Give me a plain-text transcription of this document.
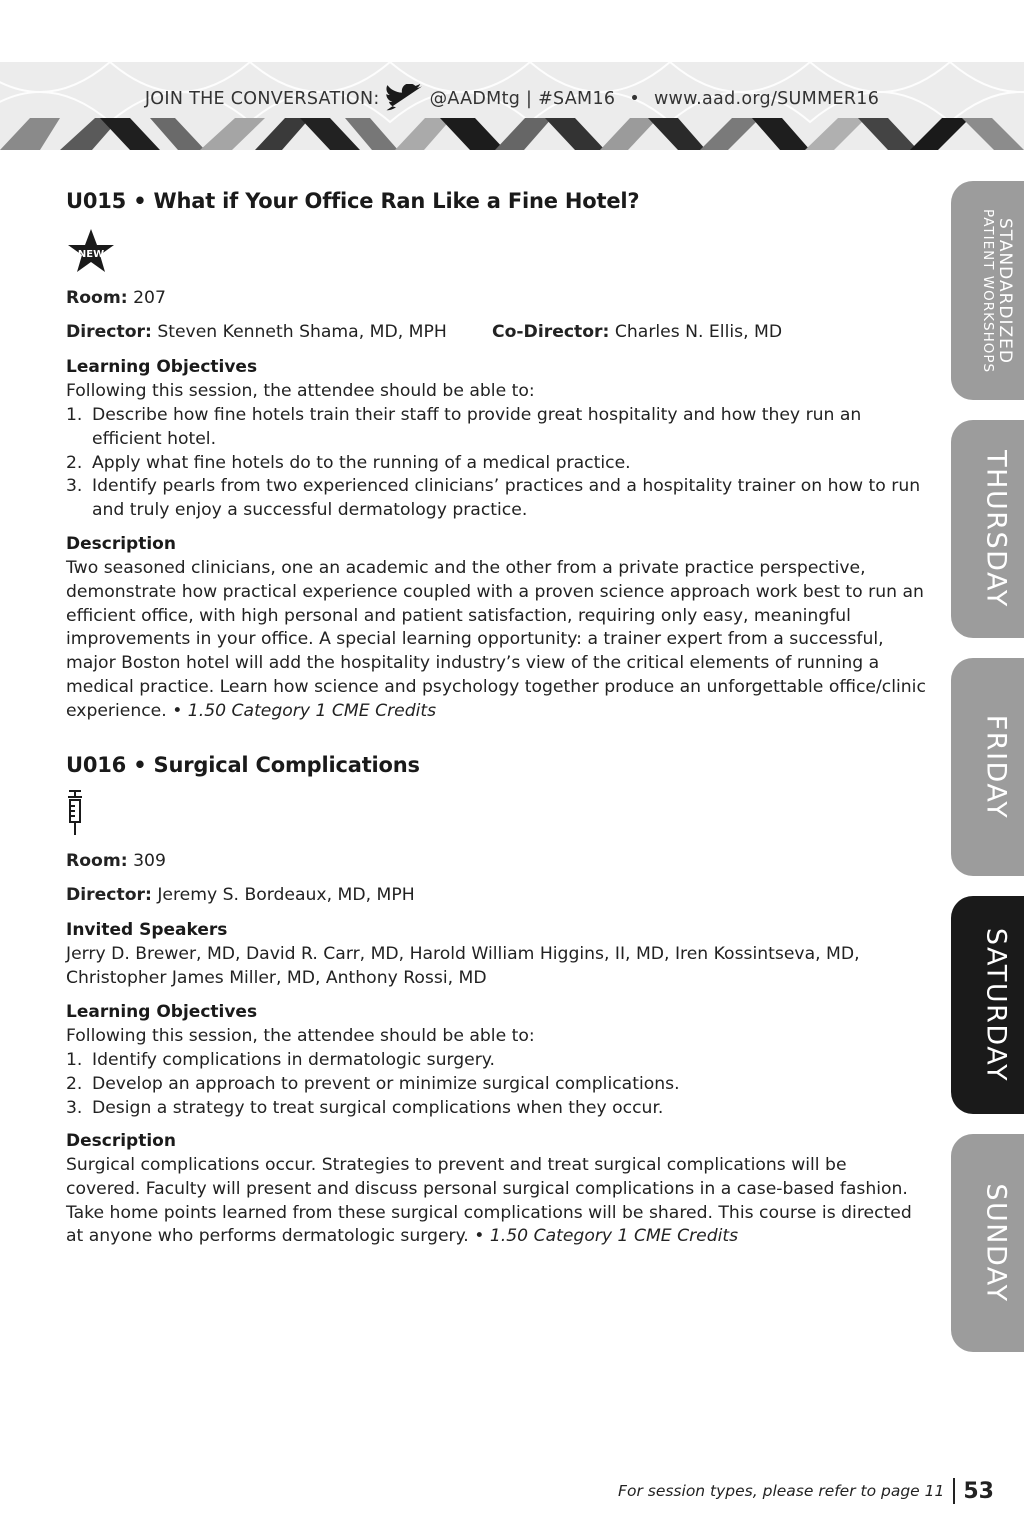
JOIN THE CONVERSATION:	@AADMtg | #SAM16 • www.aad.org/SUMMER16
U015 • What if Your Office Ran Like a Fine Hotel?
NEW
Room: 207
Director: Steven Kenneth Shama, MD, MPH	Co-Director: Charles N. Ellis, MD
Learning Objectives
Following this session, the attendee should be able to:
1. Describe how fine hotels train their staff to provide great hospitality and how they run an efficient hotel.
2. Apply what fine hotels do to the running of a medical practice.
3. Identify pearls from two experienced clinicians’ practices and a hospitality trainer on how to run and truly enjoy a successful dermatology practice.
Description
Two seasoned clinicians, one an academic and the other from a private practice perspective, demonstrate how practical experience coupled with a proven science approach work best to run an efficient office, with high personal and patient satisfaction, requiring only easy, meaningful improvements in your office. A special learning opportunity: a trainer expert from a successful, major Boston hotel will add the hospitality industry’s view of the critical elements of running a medical practice. Learn how science and psychology together produce an unforgettable office/clinic experience. • 1.50 Category 1 CME Credits
U016 • Surgical Complications
Room: 309
Director: Jeremy S. Bordeaux, MD, MPH
Invited Speakers
Jerry D. Brewer, MD, David R. Carr, MD, Harold William Higgins, II, MD, Iren Kossintseva, MD, Christopher James Miller, MD, Anthony Rossi, MD
Learning Objectives
Following this session, the attendee should be able to:
1. Identify complications in dermatologic surgery.
2. Develop an approach to prevent or minimize surgical complications.
3. Design a strategy to treat surgical complications when they occur.
Description
Surgical complications occur. Strategies to prevent and treat surgical complications will be covered. Faculty will present and discuss personal surgical complications in a case-based fashion. Take home points learned from these surgical complications will be shared. This course is directed at anyone who performs dermatologic surgery. • 1.50 Category 1 CME Credits
STANDARDIZED
PATIENT WORKSHOPS
THURSDAY
FRIDAY
SATURDAY
SUNDAY
For session types, please refer to page 11 53
